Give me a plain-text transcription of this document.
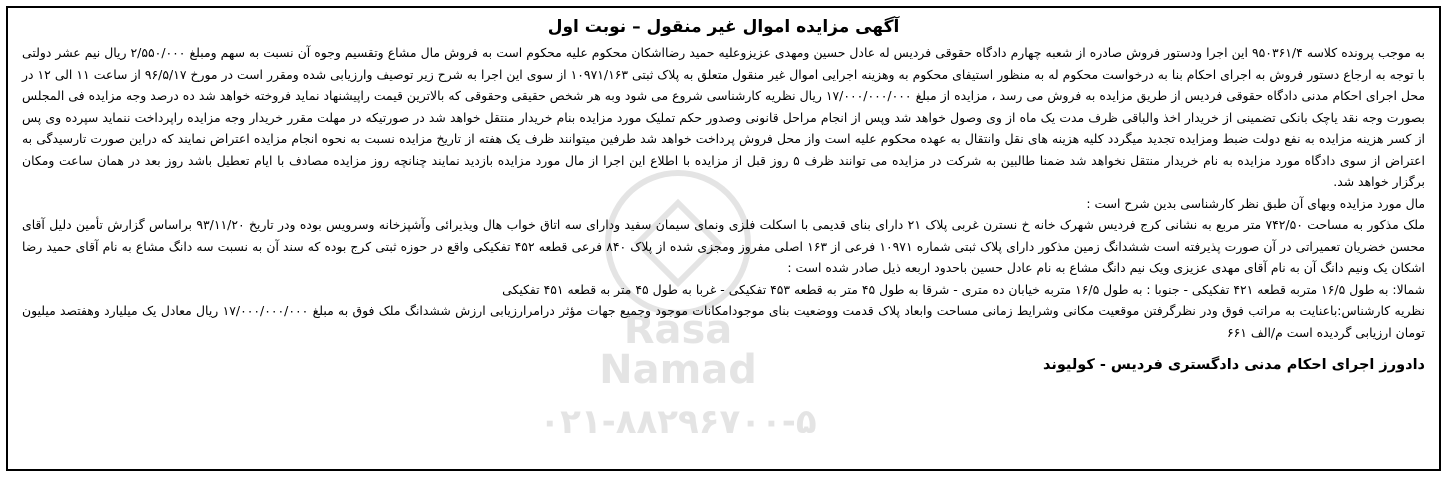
Rasa
Namad
۰۲۱-۸۸۲۹۶۷۰۰-۵
آگهی مزایده اموال غیر منقول – نوبت اول

به موجب پرونده کلاسه ۹۵۰۳۶۱/۴ این اجرا ودستور فروش صادره از شعبه چهارم دادگاه حقوقی فردیس له عادل حسین ومهدی عزیزوعلیه حمید رضااشکان محکوم علیه محکوم است به فروش مال مشاع وتقسیم وجوه آن نسبت به سهم ومبلغ ۲/۵۵۰/۰۰۰ ریال نیم عشر دولتی با توجه به ارجاع دستور فروش به اجرای احکام بنا به درخواست محکوم له به منظور استیفای محکوم به وهزینه اجرایی اموال غیر منقول متعلق به پلاک ثبتی ۱۰۹۷۱/۱۶۳ از سوی این اجرا به شرح زیر توصیف وارزیابی شده ومقرر است در مورخ ۹۶/۵/۱۷ از ساعت ۱۱ الی ۱۲ در محل اجرای احکام مدنی دادگاه حقوقی فردیس از طریق مزایده به فروش می رسد ، مزایده از مبلغ ۱۷/۰۰۰/۰۰۰/۰۰۰ ریال نظریه کارشناسی شروع می شود وبه هر شخص حقیقی وحقوقی که بالاترین قیمت راپیشنهاد نماید فروخته خواهد شد ده درصد وجه مزایده فی المجلس بصورت وجه نقد یاچک بانکی تضمینی از خریدار اخذ والباقی ظرف مدت یک ماه از وی وصول خواهد شد وپس از انجام مراحل قانونی وصدور حکم تملیک مورد مزایده بنام خریدار منتقل خواهد شد در صورتیکه در مهلت مقرر خریدار وجه مزایده راپرداخت ننماید سپرده وی پس از کسر هزینه مزایده به نفع دولت ضبط ومزایده تجدید میگردد کلیه هزینه های نقل وانتقال به عهده محکوم علیه است واز محل فروش پرداخت خواهد شد طرفین میتوانند ظرف یک هفته از تاریخ مزایده نسبت به نحوه انجام مزایده اعتراض نمایند که دراین صورت تارسیدگی به اعتراض از سوی دادگاه مورد مزایده به نام خریدار منتقل نخواهد شد ضمنا طالبین به شرکت در مزایده می توانند ظرف ۵ روز قبل از مزایده با اطلاع این اجرا از مال مورد مزایده بازدید نمایند چنانچه روز مزایده مصادف با ایام تعطیل باشد روز بعد در همان ساعت ومکان برگزار خواهد شد.

مال مورد مزایده وبهای آن طبق نظر کارشناسی بدین شرح است :

ملک مذکور به مساحت ۷۴۲/۵۰ متر مربع به نشانی کرج فردیس شهرک خانه خ نسترن غربی پلاک ۲۱ دارای بنای قدیمی با اسکلت فلزی ونمای سیمان سفید ودارای سه اتاق خواب هال ویذیرائی وآشپزخانه وسرویس بوده ودر تاریخ ۹۳/۱۱/۲۰ براساس گزارش تأمین دلیل آقای محسن خضریان تعمیراتی در آن صورت پذیرفته است ششدانگ زمین مذکور دارای پلاک ثبتی شماره ۱۰۹۷۱ فرعی از ۱۶۳ اصلی مفروز ومجزی شده از پلاک ۸۴۰ فرعی قطعه ۴۵۲ تفکیکی واقع در حوزه ثبتی کرج بوده که سند آن به نسبت سه دانگ مشاع به نام آقای حمید رضا اشکان یک ونیم دانگ آن به نام آقای مهدی عزیزی ویک نیم دانگ مشاع به نام عادل حسین باحدود اربعه ذیل صادر شده است :

شمالا: به طول ۱۶/۵ متربه قطعه ۴۲۱ تفکیکی - جنوبا : به طول ۱۶/۵ متربه خیابان ده متری - شرقا به طول ۴۵ متر به قطعه ۴۵۳ تفکیکی - غربا به طول ۴۵ متر به قطعه ۴۵۱ تفکیکی

نظریه کارشناس:باعنایت به مراتب فوق ودر نظرگرفتن موقعیت مکانی وشرایط زمانی مساحت وابعاد پلاک قدمت ووضعیت بنای موجودامکانات موجود وجمیع جهات مؤثر درامرارزیابی ارزش ششدانگ ملک فوق به مبلغ ۱۷/۰۰۰/۰۰۰/۰۰۰ ریال معادل یک میلیارد وهفتصد میلیون تومان ارزیابی گردیده است م/الف ۶۶۱

دادورز اجرای احکام مدنی دادگستری فردیس - کولیوند
